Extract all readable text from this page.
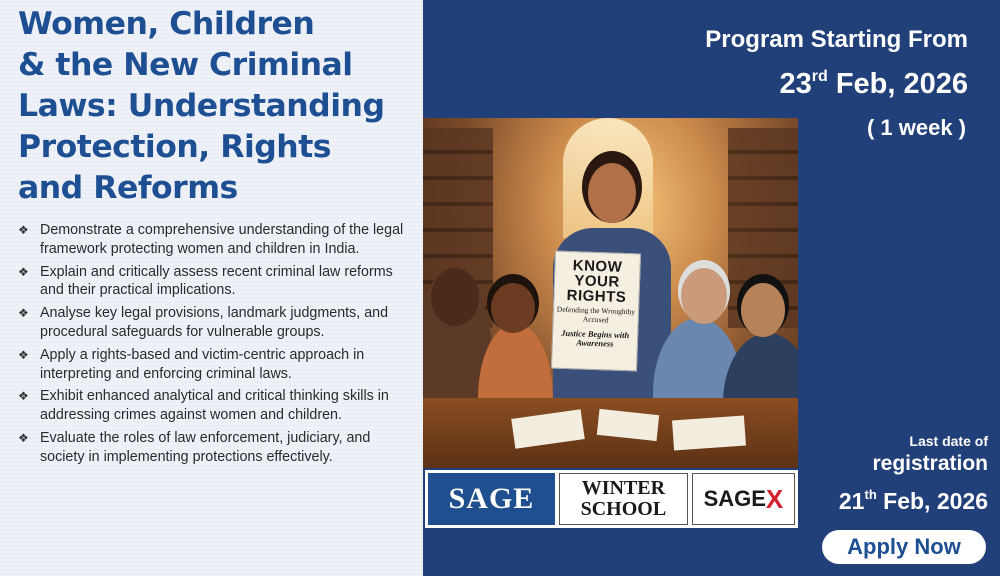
Women, Children
& the New Criminal
Laws: Understanding
Protection, Rights
and Reforms
❖ Demonstrate a comprehensive understanding of the legal framework protecting women and children in India.
❖ Explain and critically assess recent criminal law reforms and their practical implications.
❖ Analyse key legal provisions, landmark judgments, and procedural safeguards for vulnerable groups.
❖ Apply a rights-based and victim-centric approach in interpreting and enforcing criminal laws.
❖ Exhibit enhanced analytical and critical thinking skills in addressing crimes against women and children.
❖ Evaluate the roles of law enforcement, judiciary, and society in implementing protections effectively.
Program Starting From
23rd Feb, 2026
( 1 week )
KNOW
YOUR
RIGHTS
Defending the Wroughtby Accused
Justice Begins with Awareness
SAGE	WINTER
SCHOOL	SAGE X
Last date of
registration
21th Feb, 2026
Apply Now
